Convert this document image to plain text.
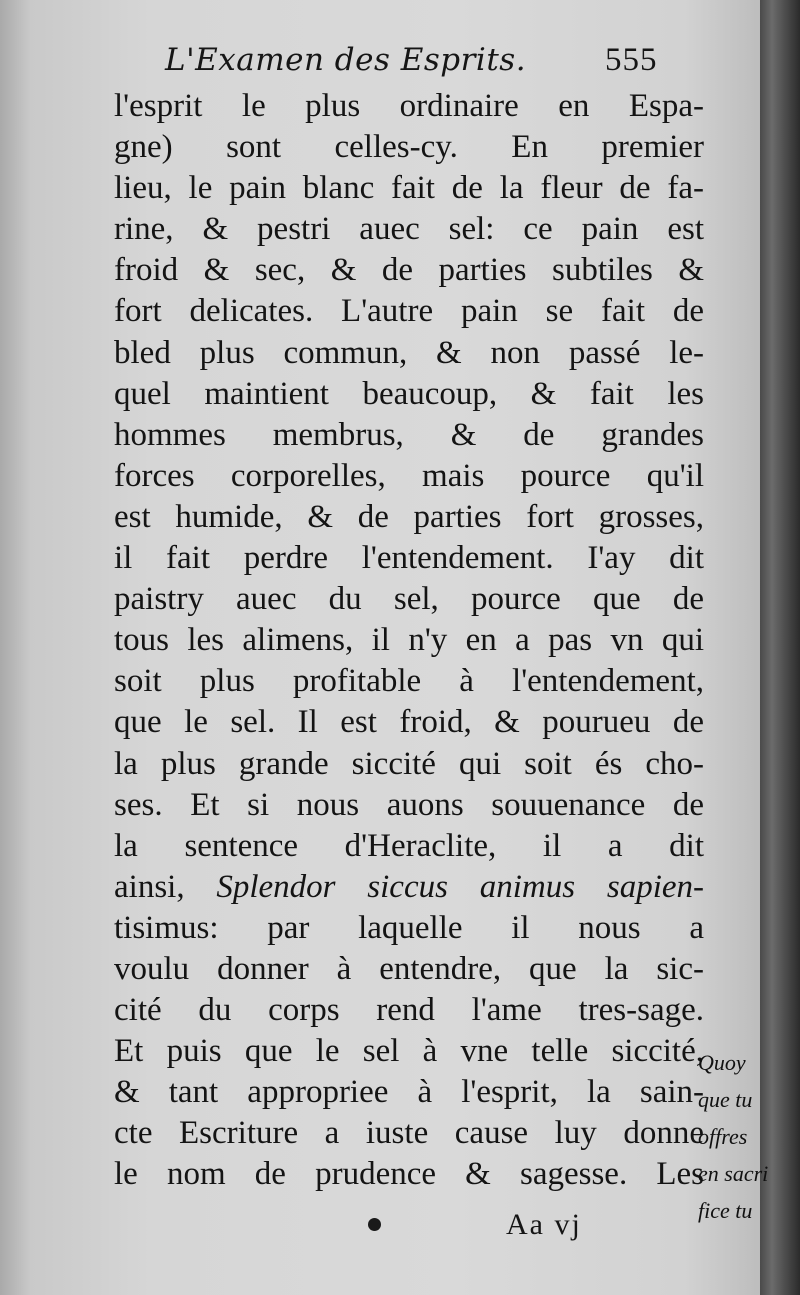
L'Examen des Esprits. 555
l'esprit le plus ordinaire en Espa-
gne) sont celles-cy. En premier
lieu, le pain blanc fait de la fleur de fa-
rine, & pestri auec sel: ce pain est
froid & sec, & de parties subtiles &
fort delicates. L'autre pain se fait de
bled plus commun, & non passé le-
quel maintient beaucoup, & fait les
hommes membrus, & de grandes
forces corporelles, mais pource qu'il
est humide, & de parties fort grosses,
il fait perdre l'entendement. I'ay dit
paistry auec du sel, pource que de
tous les alimens, il n'y en a pas vn qui
soit plus profitable à l'entendement,
que le sel. Il est froid, & pourueu de
la plus grande siccité qui soit és cho-
ses. Et si nous auons souuenance de
la sentence d'Heraclite, il a dit
ainsi, Splendor siccus animus sapien-
tisimus: par laquelle il nous a
voulu donner à entendre, que la sic-
cité du corps rend l'ame tres-sage.
Et puis que le sel à vne telle siccité,
& tant appropriee à l'esprit, la sain-
cte Escriture a iuste cause luy donne
le nom de prudence & sagesse. Les
Aa vj
Quoy
que tu
offres
en sacri
fice tu
